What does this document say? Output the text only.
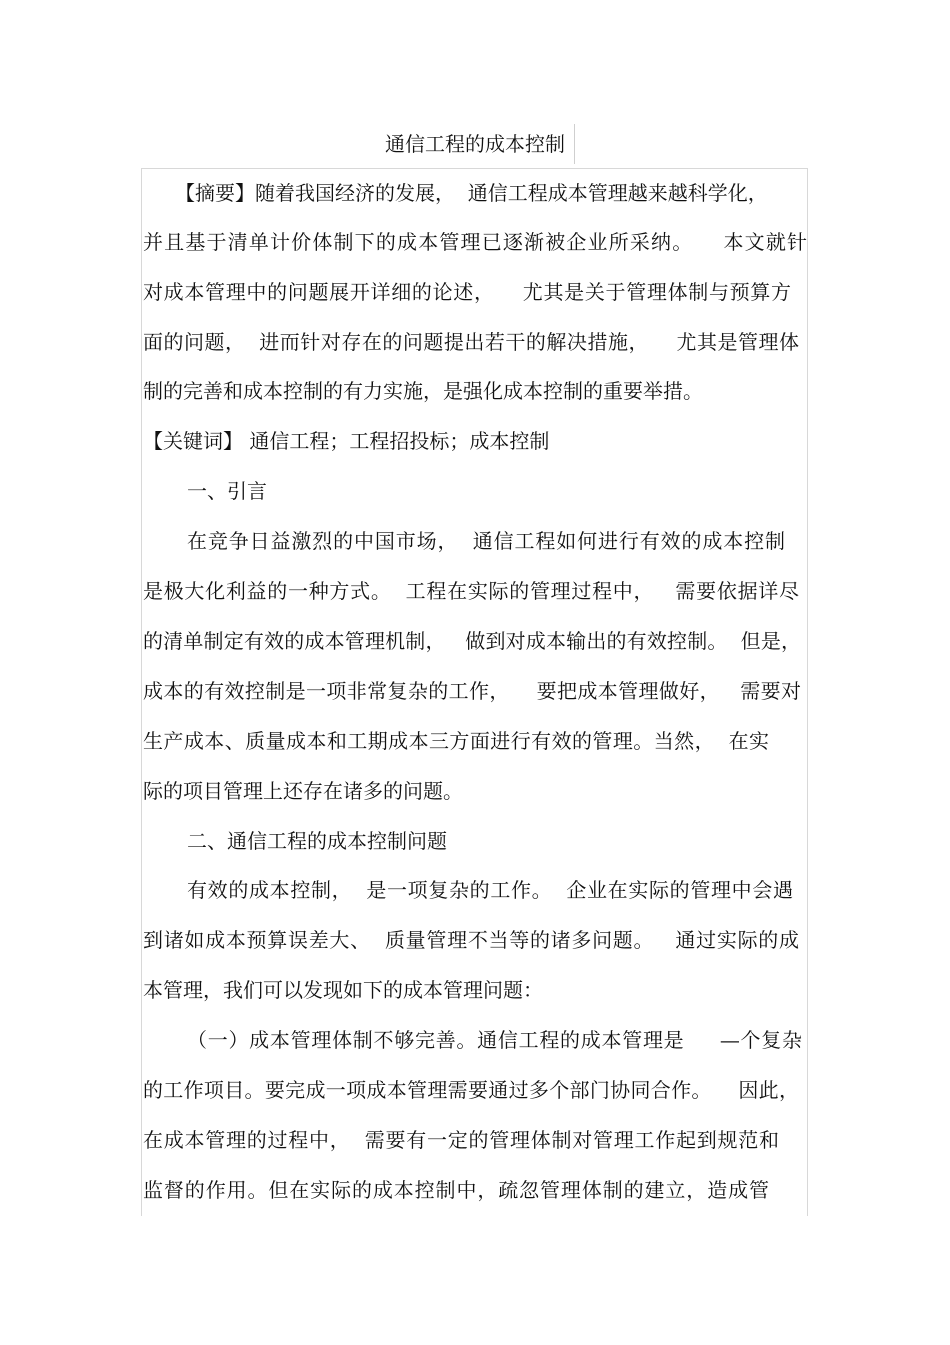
通信工程的成本控制
【摘要】随着我国经济的发展，  通信工程成本管理越来越科学化，
并且基于清单计价体制下的成本管理已逐渐被企业所采纳。    本文就针
对成本管理中的问题展开详细的论述，    尤其是关于管理体制与预算方
面的问题，  进而针对存在的问题提出若干的解决措施，    尤其是管理体
制的完善和成本控制的有力实施，是强化成本控制的重要举措。
【关键词】 通信工程；工程招投标；成本控制
一、引言
在竞争日益激烈的中国市场，  通信工程如何进行有效的成本控制
是极大化利益的一种方式。  工程在实际的管理过程中，   需要依据详尽
的清单制定有效的成本管理机制，   做到对成本输出的有效控制。  但是，
成本的有效控制是一项非常复杂的工作，    要把成本管理做好，   需要对
生产成本、质量成本和工期成本三方面进行有效的管理。当然，  在实
际的项目管理上还存在诸多的问题。
二、通信工程的成本控制问题
有效的成本控制，  是一项复杂的工作。  企业在实际的管理中会遇
到诸如成本预算误差大、  质量管理不当等的诸多问题。   通过实际的成
本管理，我们可以发现如下的成本管理问题：
（一）成本管理体制不够完善。通信工程的成本管理是     —个复杂
的工作项目。要完成一项成本管理需要通过多个部门协同合作。    因此，
在成本管理的过程中，  需要有一定的管理体制对管理工作起到规范和
监督的作用。但在实际的成本控制中，疏忽管理体制的建立，造成管
